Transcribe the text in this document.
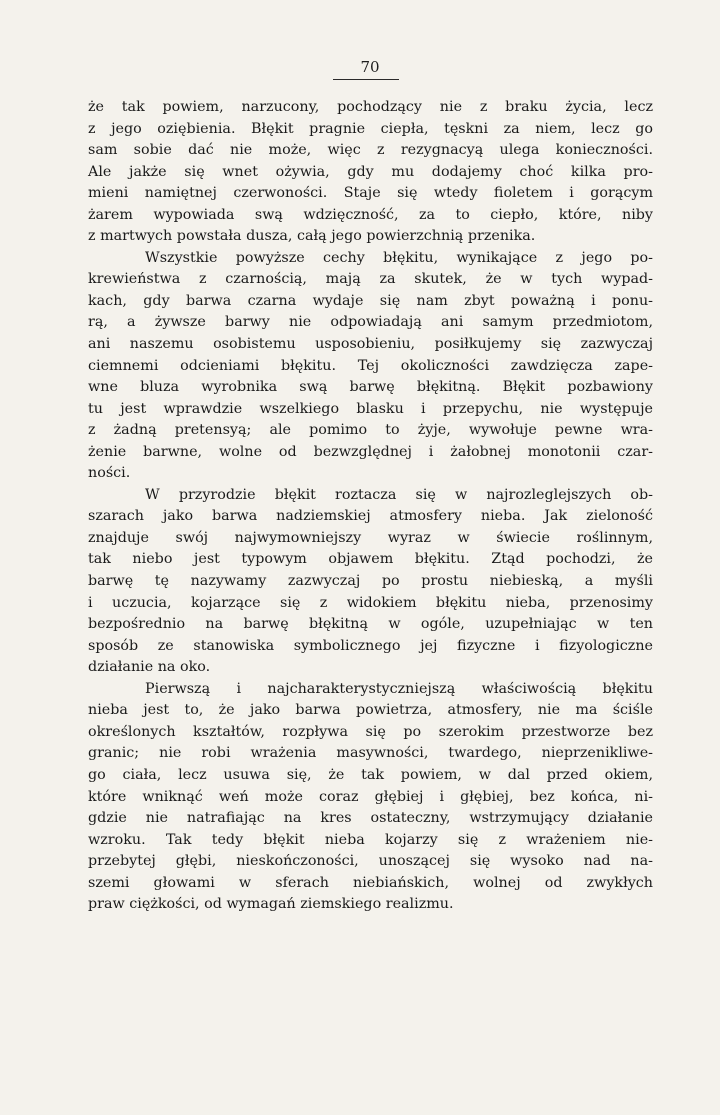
70
że tak powiem, narzucony, pochodzący nie z braku życia, lecz
z jego oziębienia. Błękit pragnie ciepła, tęskni za niem, lecz go
sam sobie dać nie może, więc z rezygnacyą ulega konieczności.
Ale jakże się wnet ożywia, gdy mu dodajemy choć kilka pro-
mieni namiętnej czerwoności. Staje się wtedy fioletem i gorącym
żarem wypowiada swą wdzięczność, za to ciepło, które, niby
z martwych powstała dusza, całą jego powierzchnią przenika.
Wszystkie powyższe cechy błękitu, wynikające z jego po-
krewieństwa z czarnością, mają za skutek, że w tych wypad-
kach, gdy barwa czarna wydaje się nam zbyt poważną i ponu-
rą, a żywsze barwy nie odpowiadają ani samym przedmiotom,
ani naszemu osobistemu usposobieniu, posiłkujemy się zazwyczaj
ciemnemi odcieniami błękitu. Tej okoliczności zawdzięcza zape-
wne bluza wyrobnika swą barwę błękitną. Błękit pozbawiony
tu jest wprawdzie wszelkiego blasku i przepychu, nie występuje
z żadną pretensyą; ale pomimo to żyje, wywołuje pewne wra-
żenie barwne, wolne od bezwzględnej i żałobnej monotonii czar-
ności.
W przyrodzie błękit roztacza się w najrozleglejszych ob-
szarach jako barwa nadziemskiej atmosfery nieba. Jak zieloność
znajduje swój najwymowniejszy wyraz w świecie roślinnym,
tak niebo jest typowym objawem błękitu. Ztąd pochodzi, że
barwę tę nazywamy zazwyczaj po prostu niebieską, a myśli
i uczucia, kojarzące się z widokiem błękitu nieba, przenosimy
bezpośrednio na barwę błękitną w ogóle, uzupełniając w ten
sposób ze stanowiska symbolicznego jej fizyczne i fizyologiczne
działanie na oko.
Pierwszą i najcharakterystyczniejszą właściwością błękitu
nieba jest to, że jako barwa powietrza, atmosfery, nie ma ściśle
określonych kształtów, rozpływa się po szerokim przestworze bez
granic; nie robi wrażenia masywności, twardego, nieprzenikliwe-
go ciała, lecz usuwa się, że tak powiem, w dal przed okiem,
które wniknąć weń może coraz głębiej i głębiej, bez końca, ni-
gdzie nie natrafiając na kres ostateczny, wstrzymujący działanie
wzroku. Tak tedy błękit nieba kojarzy się z wrażeniem nie-
przebytej głębi, nieskończoności, unoszącej się wysoko nad na-
szemi głowami w sferach niebiańskich, wolnej od zwykłych
praw ciężkości, od wymagań ziemskiego realizmu.
